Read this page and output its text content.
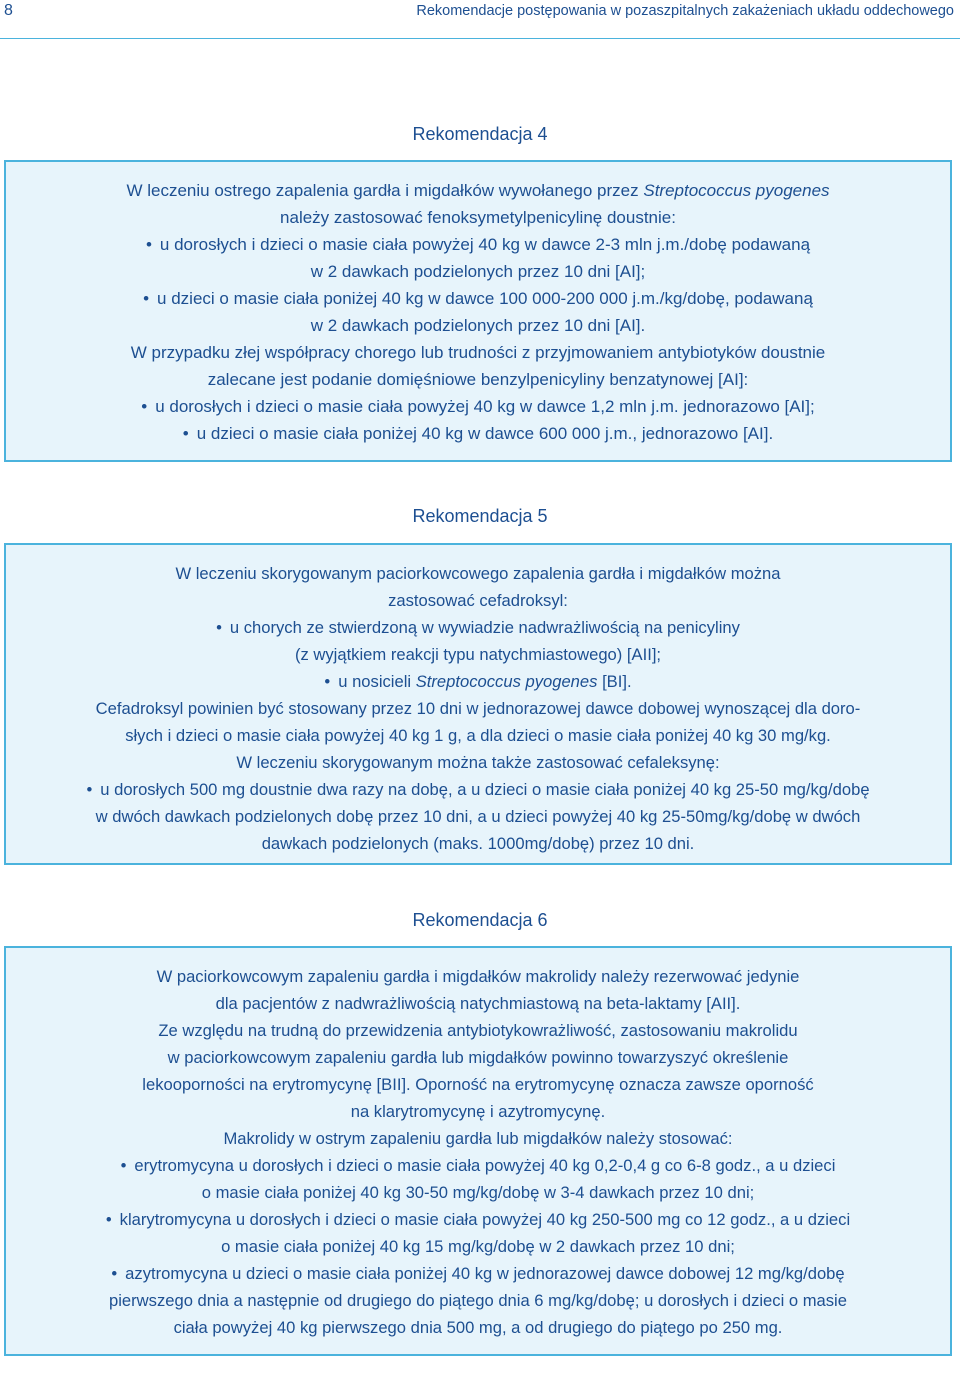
8	Rekomendacje postępowania w pozaszpitalnych zakażeniach układu oddechowego
Rekomendacja 4
W leczeniu ostrego zapalenia gardła i migdałków wywołanego przez Streptococcus pyogenes
należy zastosować fenoksymetylpenicylinę doustnie:
• u dorosłych i dzieci o masie ciała powyżej 40 kg w dawce 2-3 mln j.m./dobę podawaną
w 2 dawkach podzielonych przez 10 dni [AI];
• u dzieci o masie ciała poniżej 40 kg w dawce 100 000-200 000 j.m./kg/dobę, podawaną
w 2 dawkach podzielonych przez 10 dni [AI].
W przypadku złej współpracy chorego lub trudności z przyjmowaniem antybiotyków doustnie
zalecane jest podanie domięśniowe benzylpenicyliny benzatynowej [AI]:
• u dorosłych i dzieci o masie ciała powyżej 40 kg w dawce 1,2 mln j.m. jednorazowo [AI];
• u dzieci o masie ciała poniżej 40 kg w dawce 600 000 j.m., jednorazowo [AI].
Rekomendacja 5
W leczeniu skorygowanym paciorkowcowego zapalenia gardła i migdałków można
zastosować cefadroksyl:
• u chorych ze stwierdzoną w wywiadzie nadwrażliwością na penicyliny
(z wyjątkiem reakcji typu natychmiastowego) [AII];
• u nosicieli Streptococcus pyogenes [BI].
Cefadroksyl powinien być stosowany przez 10 dni w jednorazowej dawce dobowej wynoszącej dla doro-
słych i dzieci o masie ciała powyżej 40 kg 1 g, a dla dzieci o masie ciała poniżej 40 kg 30 mg/kg.
W leczeniu skorygowanym można także zastosować cefaleksynę:
• u dorosłych 500 mg doustnie dwa razy na dobę, a u dzieci o masie ciała poniżej 40 kg 25-50 mg/kg/dobę
w dwóch dawkach podzielonych dobę przez 10 dni, a u dzieci powyżej 40 kg 25-50mg/kg/dobę w dwóch
dawkach podzielonych (maks. 1000mg/dobę) przez 10 dni.
Rekomendacja 6
W paciorkowcowym zapaleniu gardła i migdałków makrolidy należy rezerwować jedynie
dla pacjentów z nadwrażliwością natychmiastową na beta-laktamy [AII].
Ze względu na trudną do przewidzenia antybiotykowrażliwość, zastosowaniu makrolidu
w paciorkowcowym zapaleniu gardła lub migdałków powinno towarzyszyć określenie
lekooporności na erytromycynę [BII]. Oporność na erytromycynę oznacza zawsze oporność
na klarytromycynę i azytromycynę.
Makrolidy w ostrym zapaleniu gardła lub migdałków należy stosować:
• erytromycyna u dorosłych i dzieci o masie ciała powyżej 40 kg 0,2-0,4 g co 6-8 godz., a u dzieci
o masie ciała poniżej 40 kg 30-50 mg/kg/dobę w 3-4 dawkach przez 10 dni;
• klarytromycyna u dorosłych i dzieci o masie ciała powyżej 40 kg 250-500 mg co 12 godz., a u dzieci
o masie ciała poniżej 40 kg 15 mg/kg/dobę w 2 dawkach przez 10 dni;
• azytromycyna u dzieci o masie ciała poniżej 40 kg w jednorazowej dawce dobowej 12 mg/kg/dobę
pierwszego dnia a następnie od drugiego do piątego dnia 6 mg/kg/dobę; u dorosłych i dzieci o masie
ciała powyżej 40 kg pierwszego dnia 500 mg, a od drugiego do piątego po 250 mg.
